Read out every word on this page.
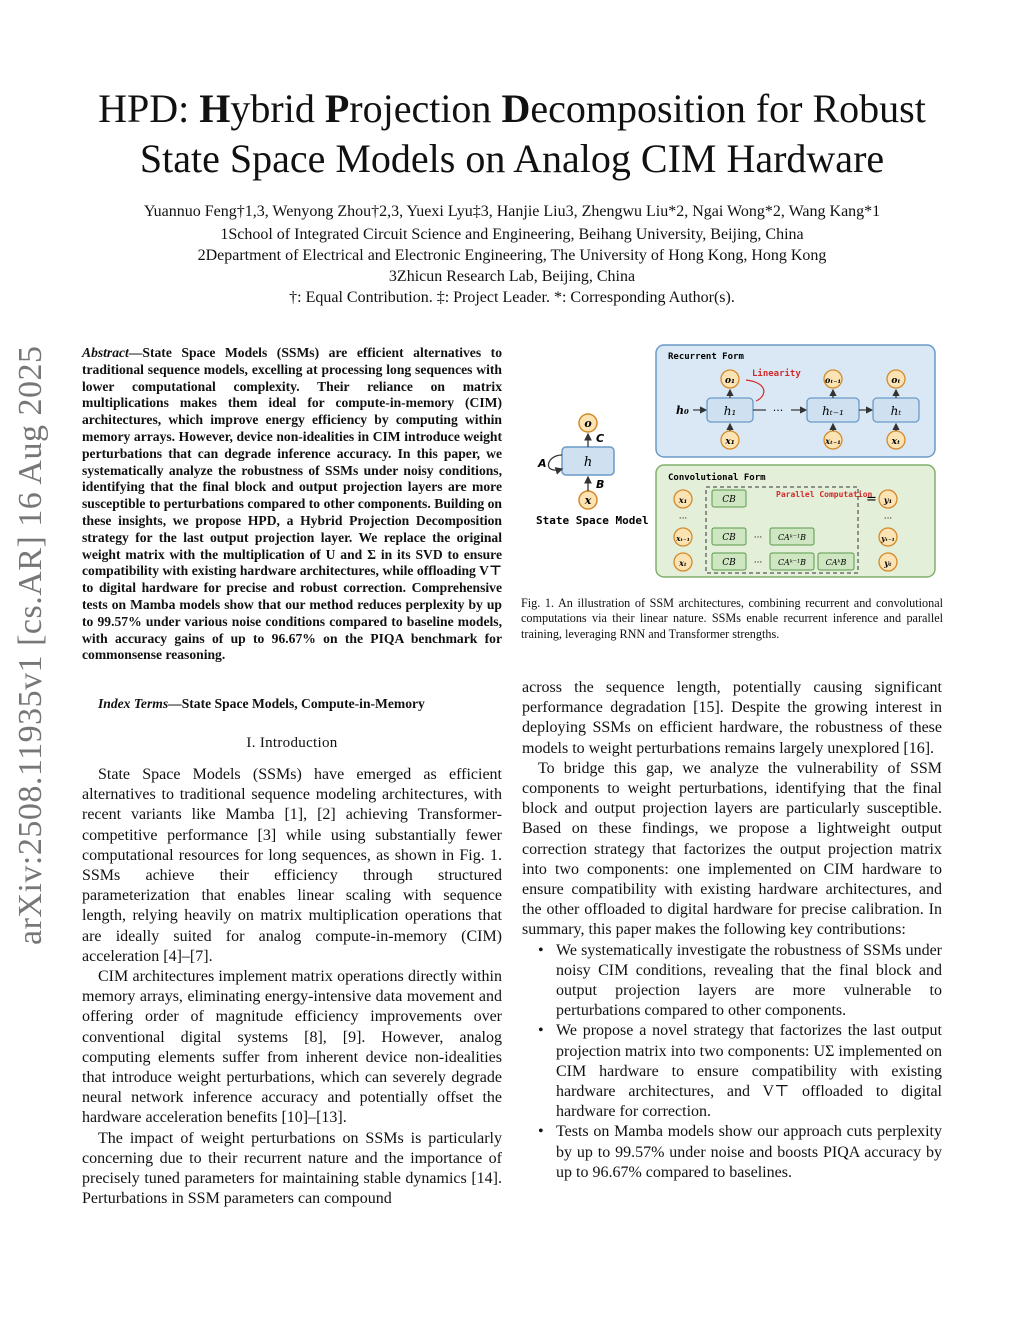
arXiv:2508.11935v1 [cs.AR] 16 Aug 2025
HPD: Hybrid Projection Decomposition for Robust
State Space Models on Analog CIM Hardware
Yuannuo Feng†1,3, Wenyong Zhou†2,3, Yuexi Lyu‡3, Hanjie Liu3, Zhengwu Liu*2, Ngai Wong*2, Wang Kang*1
1School of Integrated Circuit Science and Engineering, Beihang University, Beijing, China
2Department of Electrical and Electronic Engineering, The University of Hong Kong, Hong Kong
3Zhicun Research Lab, Beijing, China
†: Equal Contribution. ‡: Project Leader. *: Corresponding Author(s).
Abstract—State Space Models (SSMs) are efficient alternatives to traditional sequence models, excelling at processing long sequences with lower computational complexity. Their reliance on matrix multiplications makes them ideal for compute-in-memory (CIM) architectures, which improve energy efficiency by computing within memory arrays. However, device non-idealities in CIM introduce weight perturbations that can degrade inference accuracy. In this paper, we systematically analyze the robustness of SSMs under noisy conditions, identifying that the final block and output projection layers are more susceptible to perturbations compared to other components. Building on these insights, we propose HPD, a Hybrid Projection Decomposition strategy for the last output projection layer. We replace the original weight matrix with the multiplication of U and Σ in its SVD to ensure compatibility with existing hardware architectures, while offloading V⊤ to digital hardware for precise and robust correction. Comprehensive tests on Mamba models show that our method reduces perplexity by up to 99.57% under various noise conditions compared to baseline models, with accuracy gains of up to 96.67% on the PIQA benchmark for commonsense reasoning.
Index Terms—State Space Models, Compute-in-Memory
I. Introduction
State Space Models (SSMs) have emerged as efficient alternatives to traditional sequence modeling architectures, with recent variants like Mamba [1], [2] achieving Transformer-competitive performance [3] while using substantially fewer computational resources for long sequences, as shown in Fig. 1. SSMs achieve their efficiency through structured parameterization that enables linear scaling with sequence length, relying heavily on matrix multiplication operations that are ideally suited for analog compute-in-memory (CIM) acceleration [4]–[7].
CIM architectures implement matrix operations directly within memory arrays, eliminating energy-intensive data movement and offering order of magnitude efficiency improvements over conventional digital systems [8], [9]. However, analog computing elements suffer from inherent device non-idealities that introduce weight perturbations, which can severely degrade neural network inference accuracy and potentially offset the hardware acceleration benefits [10]–[13].
The impact of weight perturbations on SSMs is particularly concerning due to their recurrent nature and the importance of precisely tuned parameters for maintaining stable dynamics [14]. Perturbations in SSM parameters can compound
h
o
x
A
B
C
State Space Model
Recurrent Form
Linearity
h₀	h₁
o₁
x₁
···	hₜ₋₁
oₜ₋₁
xₜ₋₁
hₜ
oₜ
xₜ
Convolutional Form
Parallel Computation
=
x₁	CB	y₁
···	···
xₜ₋₁	CB ··· CAᵏ⁻¹B	yₜ₋₁
xₜ	CB ··· CAᵏ⁻¹B CAᵏB	yₜ
Fig. 1. An illustration of SSM architectures, combining recurrent and convolutional computations via their linear nature. SSMs enable recurrent inference and parallel training, leveraging RNN and Transformer strengths.
across the sequence length, potentially causing significant performance degradation [15]. Despite the growing interest in deploying SSMs on efficient hardware, the robustness of these models to weight perturbations remains largely unexplored [16].
To bridge this gap, we analyze the vulnerability of SSM components to weight perturbations, identifying that the final block and output projection layers are particularly susceptible. Based on these findings, we propose a lightweight output correction strategy that factorizes the output projection matrix into two components: one implemented on CIM hardware to ensure compatibility with existing hardware architectures, and the other offloaded to digital hardware for precise calibration. In summary, this paper makes the following key contributions:
• We systematically investigate the robustness of SSMs under noisy CIM conditions, revealing that the final block and output projection layers are more vulnerable to perturbations compared to other components.
• We propose a novel strategy that factorizes the last output projection matrix into two components: UΣ implemented on CIM hardware to ensure compatibility with existing hardware architectures, and V⊤ offloaded to digital hardware for correction.
• Tests on Mamba models show our approach cuts perplexity by up to 99.57% under noise and boosts PIQA accuracy by up to 96.67% compared to baselines.
